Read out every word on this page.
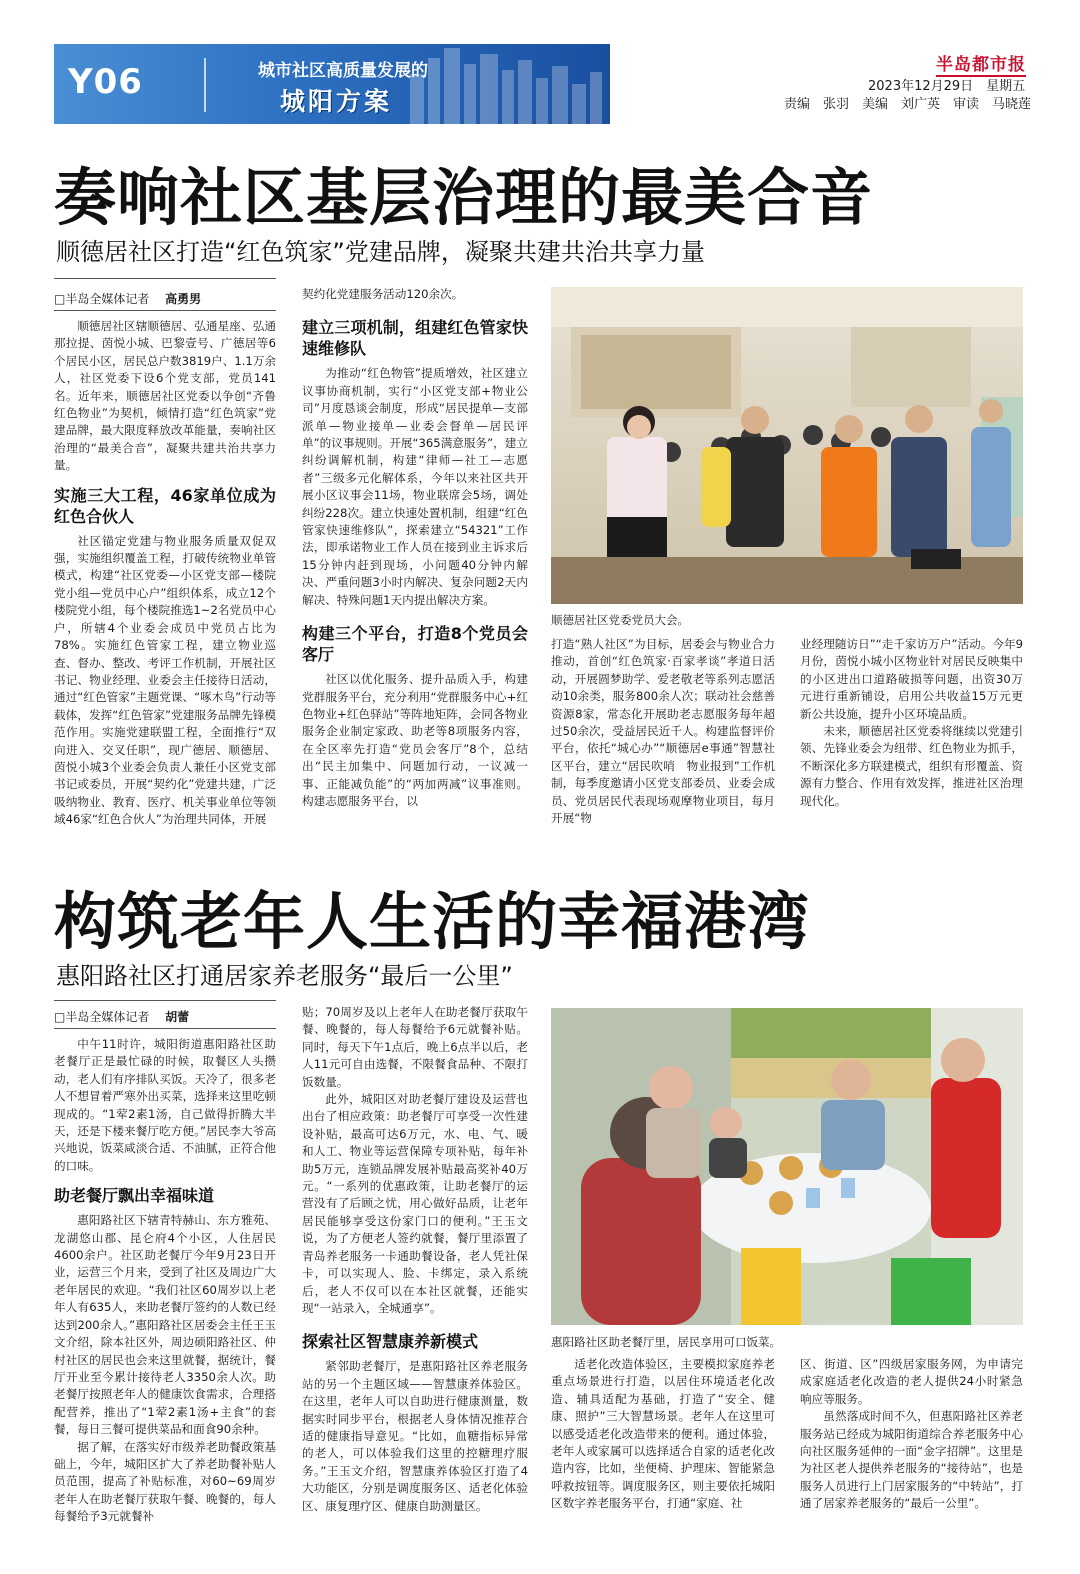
Y06	城市社区高质量发展的
城阳方案
半岛都市报
2023年12月29日　星期五
责编　张羽　美编　刘广英　审读　马晓莲
奏响社区基层治理的最美合音
顺德居社区打造“红色筑家”党建品牌，凝聚共建共治共享力量
□半岛全媒体记者　 高勇男

顺德居社区辖顺德居、弘通星座、弘通那拉提、茵悦小城、巴黎壹号、广德居等6个居民小区，居民总户数3819户、1.1万余人，社区党委下设6个党支部，党员141名。近年来，顺德居社区党委以争创“齐鲁红色物业”为契机，倾情打造“红色筑家”党建品牌，最大限度释放改革能量，奏响社区治理的“最美合音”，凝聚共建共治共享力量。

实施三大工程，46家单位成为红色合伙人

社区锚定党建与物业服务质量双促双强，实施组织覆盖工程，打破传统物业单管模式，构建“社区党委—小区党支部—楼院党小组—党员中心户”组织体系，成立12个楼院党小组，每个楼院推选1~2名党员中心户，所辖4个业委会成员中党员占比为78%。实施红色管家工程，建立物业巡查、督办、整改、考评工作机制，开展社区书记、物业经理、业委会主任接待日活动，通过“红色管家”主题党课、“啄木鸟”行动等载体，发挥“红色管家”党建服务品牌先锋模范作用。实施党建联盟工程，全面推行“双向进入、交叉任职”，现广德居、顺德居、茵悦小城3个业委会负责人兼任小区党支部书记或委员，开展“契约化”党建共建，广泛吸纳物业、教育、医疗、机关事业单位等领域46家“红色合伙人”为治理共同体，开展

契约化党建服务活动120余次。

建立三项机制，组建红色管家快速维修队

为推动“红色物管”提质增效，社区建立议事协商机制，实行“小区党支部+物业公司”月度恳谈会制度，形成“居民提单—支部派单—物业接单—业委会督单—居民评单”的议事规则。开展“365满意服务”，建立纠纷调解机制，构建“律师—社工—志愿者”三级多元化解体系，今年以来社区共开展小区议事会11场，物业联席会5场，调处纠纷228次。建立快速处置机制，组建“红色管家快速维修队”，探索建立“54321”工作法，即承诺物业工作人员在接到业主诉求后15分钟内赶到现场，小问题40分钟内解决、严重问题3小时内解决、复杂问题2天内解决、特殊问题1天内提出解决方案。

构建三个平台，打造8个党员会客厅

社区以优化服务、提升品质入手，构建党群服务平台，充分利用“党群服务中心+红色物业+红色驿站”等阵地矩阵，会同各物业服务企业制定家政、助老等8项服务内容，在全区率先打造“党员会客厅”8个，总结出“民主加集中、问题加行动，一议减一事、正能减负能”的“两加两减”议事准则。构建志愿服务平台，以

顺德居社区党委党员大会。

打造“熟人社区”为目标，居委会与物业合力推动，首创“红色筑家·百家孝谈”孝道日活动，开展圆梦助学、爱老敬老等系列志愿活动10余类，服务800余人次；联动社会慈善资源8家，常态化开展助老志愿服务每年超过50余次，受益居民近千人。构建监督评价平台，依托“城心办”“顺德居e事通”智慧社区平台，建立“居民吹哨　物业报到”工作机制，每季度邀请小区党支部委员、业委会成员、党员居民代表现场观摩物业项目，每月开展“物

业经理随访日”“走千家访万户”活动。今年9月份，茵悦小城小区物业针对居民反映集中的小区进出口道路破损等问题，出资30万元进行重新铺设，启用公共收益15万元更新公共设施，提升小区环境品质。

未来，顺德居社区党委将继续以党建引领、先锋业委会为纽带、红色物业为抓手，不断深化多方联建模式，组织有形覆盖、资源有力整合、作用有效发挥，推进社区治理现代化。

构筑老年人生活的幸福港湾
惠阳路社区打通居家养老服务“最后一公里”
□半岛全媒体记者　 胡蕾

中午11时许，城阳街道惠阳路社区助老餐厅正是最忙碌的时候，取餐区人头攒动，老人们有序排队买饭。天冷了，很多老人不想冒着严寒外出买菜，选择来这里吃顿现成的。“1荤2素1汤，自己做得折腾大半天，还是下楼来餐厅吃方便。”居民李大爷高兴地说，饭菜咸淡合适、不油腻，正符合他的口味。

助老餐厅飘出幸福味道

惠阳路社区下辖青特赫山、东方雅苑、龙湖悠山郡、昆仑府4个小区，人住居民4600余户。社区助老餐厅今年9月23日开业，运营三个月来，受到了社区及周边广大老年居民的欢迎。“我们社区60周岁以上老年人有635人，来助老餐厅签约的人数已经达到200余人。”惠阳路社区居委会主任王玉文介绍，除本社区外，周边硕阳路社区、仲村社区的居民也会来这里就餐，据统计，餐厅开业至今累计接待老人3350余人次。助老餐厅按照老年人的健康饮食需求，合理搭配营养，推出了“1荤2素1汤+主食”的套餐，每日三餐可提供菜品和面食90余种。

据了解，在落实好市级养老助餐政策基础上，今年，城阳区扩大了养老助餐补贴人员范围，提高了补贴标准，对60~69周岁老年人在助老餐厅获取午餐、晚餐的，每人每餐给予3元就餐补

贴；70周岁及以上老年人在助老餐厅获取午餐、晚餐的，每人每餐给予6元就餐补贴。同时，每天下午1点后，晚上6点半以后，老人11元可自由选餐，不限餐食品种、不限打饭数量。

此外，城阳区对助老餐厅建设及运营也出台了相应政策：助老餐厅可享受一次性建设补贴，最高可达6万元，水、电、气、暖和人工、物业等运营保障专项补贴，每年补助5万元，连锁品牌发展补贴最高奖补40万元。“一系列的优惠政策，让助老餐厅的运营没有了后顾之忧，用心做好品质，让老年居民能够享受这份家门口的便利。”王玉文说，为了方便老人签约就餐，餐厅里添置了青岛养老服务一卡通助餐设备，老人凭社保卡，可以实现人、脸、卡绑定，录入系统后，老人不仅可以在本社区就餐，还能实现“一站录入，全城通享”。

探索社区智慧康养新模式

紧邻助老餐厅，是惠阳路社区养老服务站的另一个主题区域——智慧康养体验区。在这里，老年人可以自助进行健康测量，数据实时同步平台，根据老人身体情况推荐合适的健康指导意见。“比如，血糖指标异常的老人，可以体验我们这里的控糖理疗服务。”王玉文介绍，智慧康养体验区打造了4大功能区，分别是调度服务区、适老化体验区、康复理疗区、健康自助测量区。

惠阳路社区助老餐厅里，居民享用可口饭菜。

适老化改造体验区，主要模拟家庭养老重点场景进行打造，以居住环境适老化改造、辅具适配为基础，打造了“安全、健康、照护”三大智慧场景。老年人在这里可以感受适老化改造带来的便利。通过体验，老年人或家属可以选择适合自家的适老化改造内容，比如，坐便椅、护理床、智能紧急呼救按钮等。调度服务区，则主要依托城阳区数字养老服务平台，打通“家庭、社

区、街道、区”四级居家服务网，为申请完成家庭适老化改造的老人提供24小时紧急响应等服务。

虽然落成时间不久，但惠阳路社区养老服务站已经成为城阳街道综合养老服务中心向社区服务延伸的一面“金字招牌”。这里是为社区老人提供养老服务的“接待站”，也是服务人员进行上门居家服务的“中转站”，打通了居家养老服务的“最后一公里”。
